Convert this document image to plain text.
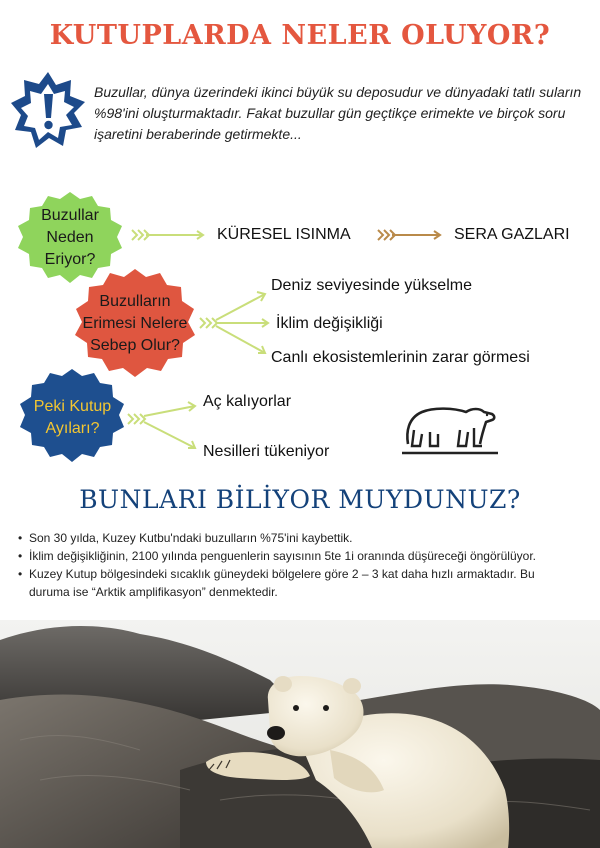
KUTUPLARDA NELER OLUYOR?
Buzullar, dünya üzerindeki ikinci büyük su deposudur ve dünyadaki tatlı suların %98'ini oluşturmaktadır. Fakat buzullar gün geçtikçe erimekte ve birçok soru işaretini beraberinde getirmekte...
Buzullar Neden Eriyor?
KÜRESEL ISINMA	SERA GAZLARI
Buzulların Erimesi Nelere Sebep Olur?
Deniz seviyesinde yükselme
İklim değişikliği
Canlı ekosistemlerinin zarar görmesi
Peki Kutup Ayıları?
Aç kalıyorlar
Nesilleri tükeniyor
BUNLARI BİLİYOR MUYDUNUZ?
• Son 30 yılda, Kuzey Kutbu'ndaki buzulların %75'ini kaybettik.
• İklim değişikliğinin, 2100 yılında penguenlerin sayısının 5te 1i oranında düşüreceği öngörülüyor.
• Kuzey Kutup bölgesindeki sıcaklık güneydeki bölgelere göre 2 – 3 kat daha hızlı armaktadır. Bu duruma ise “Arktik amplifikasyon” denmektedir.
